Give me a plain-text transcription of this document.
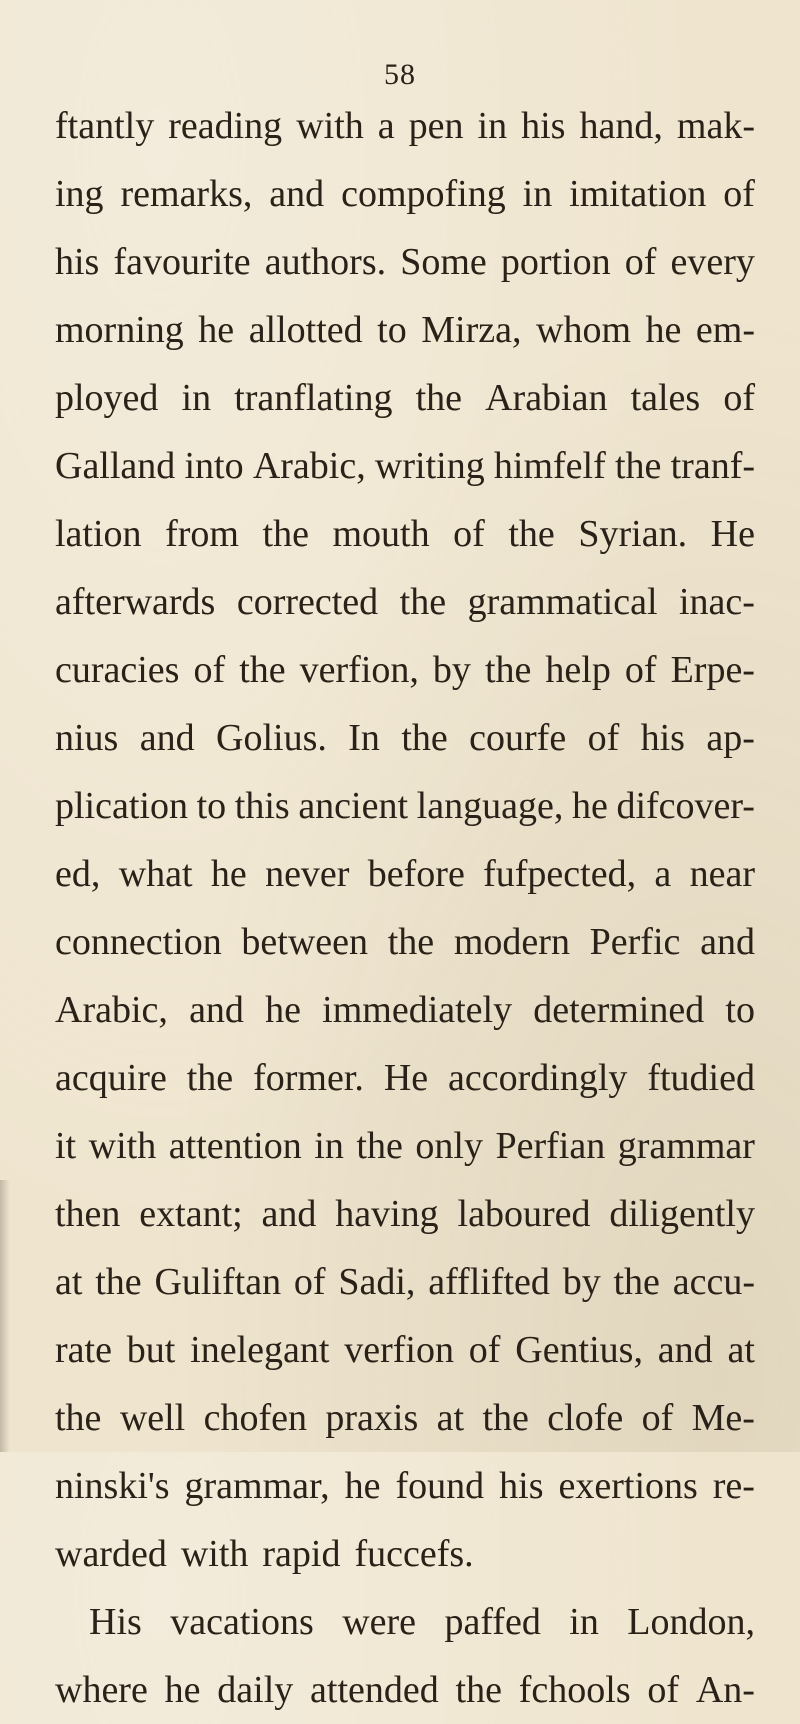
58
ftantly reading with a pen in his hand, mak-
ing remarks, and compofing in imitation of
his favourite authors. Some portion of every
morning he allotted to Mirza, whom he em-
ployed in tranflating the Arabian tales of
Galland into Arabic, writing himfelf the tranf-
lation from the mouth of the Syrian. He
afterwards corrected the grammatical inac-
curacies of the verfion, by the help of Erpe-
nius and Golius. In the courfe of his ap-
plication to this ancient language, he difcover-
ed, what he never before fufpected, a near
connection between the modern Perfic and
Arabic, and he immediately determined to
acquire the former. He accordingly ftudied
it with attention in the only Perfian grammar
then extant; and having laboured diligently
at the Guliftan of Sadi, afflifted by the accu-
rate but inelegant verfion of Gentius, and at
the well chofen praxis at the clofe of Me-
ninski's grammar, he found his exertions re-
warded with rapid fuccefs.
His vacations were paffed in London,
where he daily attended the fchools of An-
